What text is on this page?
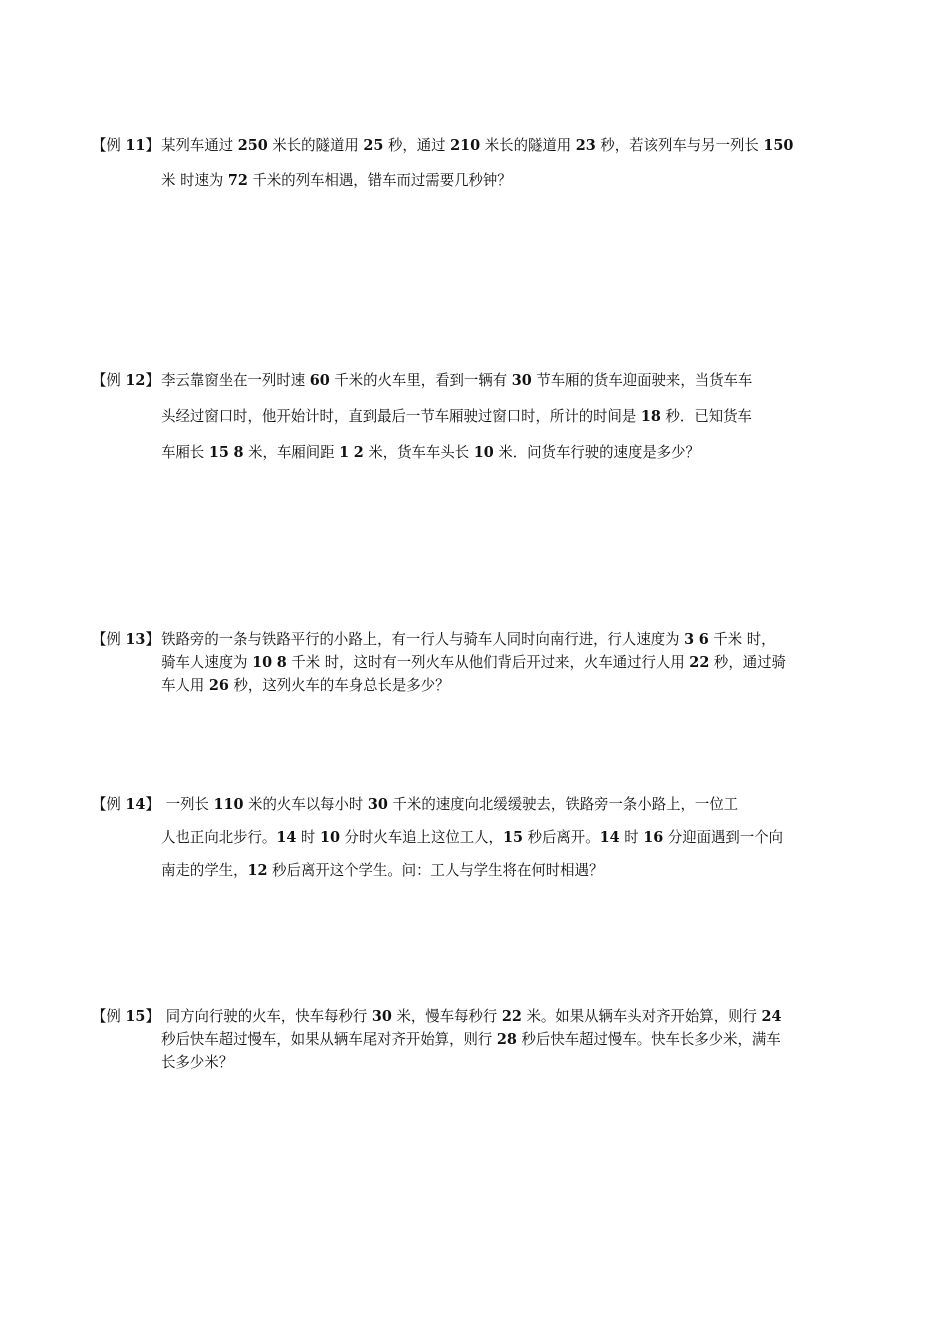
【例 11】某列车通过 250 米长的隧道用 25 秒，通过 210 米长的隧道用 23 秒，若该列车与另一列长 150
米 时速为 72 千米的列车相遇，错车而过需要几秒钟？
【例 12】李云靠窗坐在一列时速 60 千米的火车里，看到一辆有 30 节车厢的货车迎面驶来，当货车车
头经过窗口时，他开始计时，直到最后一节车厢驶过窗口时，所计的时间是 18 秒．已知货车
车厢长 15 8 米，车厢间距 1 2 米，货车车头长 10 米．问货车行驶的速度是多少？
【例 13】铁路旁的一条与铁路平行的小路上，有一行人与骑车人同时向南行进，行人速度为 3 6 千米 时，
骑车人速度为 10 8 千米 时，这时有一列火车从他们背后开过来，火车通过行人用 22 秒，通过骑
车人用 26 秒，这列火车的车身总长是多少？
【例 14】 一列长 110 米的火车以每小时 30 千米的速度向北缓缓驶去，铁路旁一条小路上，一位工
人也正向北步行。14 时 10 分时火车追上这位工人，15 秒后离开。14 时 16 分迎面遇到一个向
南走的学生，12 秒后离开这个学生。问：工人与学生将在何时相遇？
【例 15】 同方向行驶的火车，快车每秒行 30 米，慢车每秒行 22 米。如果从辆车头对齐开始算，则行 24
秒后快车超过慢车，如果从辆车尾对齐开始算，则行 28 秒后快车超过慢车。快车长多少米，满车
长多少米？
